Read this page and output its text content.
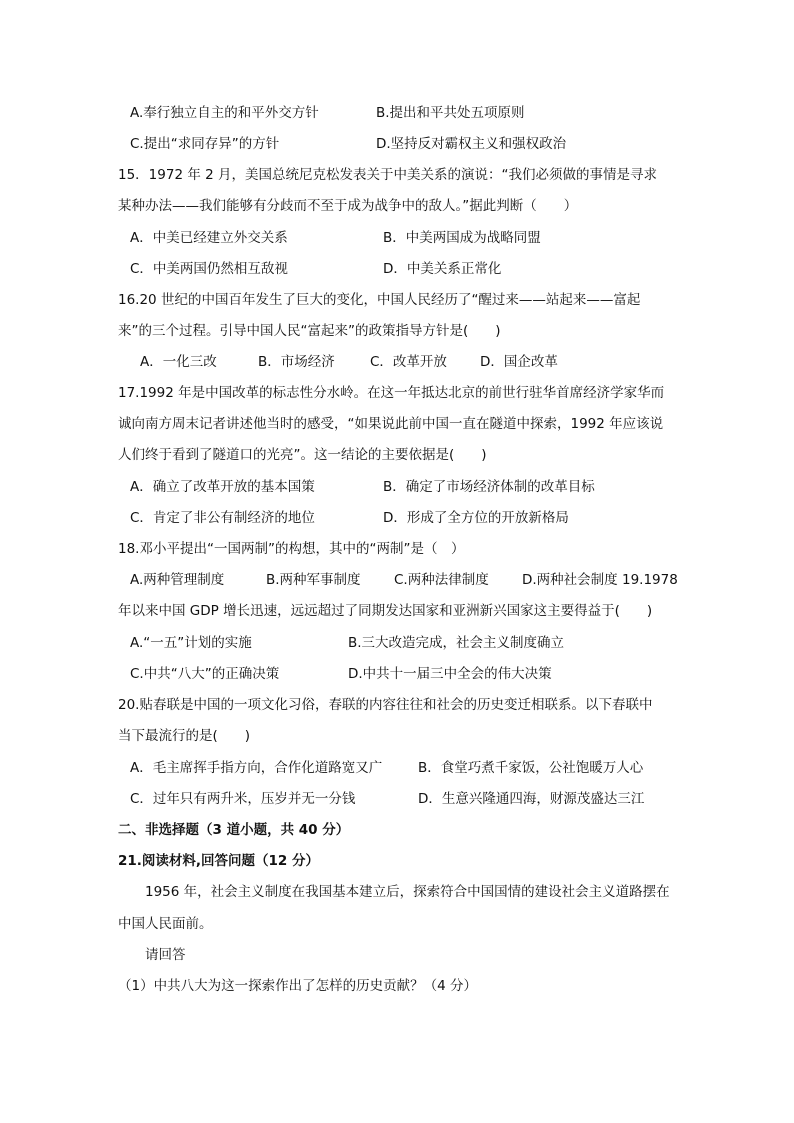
A.奉行独立自主的和平外交方针	B.提出和平共处五项原则
C.提出“求同存异”的方针	D.坚持反对霸权主义和强权政治
15．1972 年 2 月，美国总统尼克松发表关于中美关系的演说：“我们必须做的事情是寻求
某种办法——我们能够有分歧而不至于成为战争中的敌人。”据此判断（　　）
A．中美已经建立外交关系	B．中美两国成为战略同盟
C．中美两国仍然相互敌视	D．中美关系正常化
16.20 世纪的中国百年发生了巨大的变化，中国人民经历了“醒过来——站起来——富起
来”的三个过程。引导中国人民“富起来”的政策指导方针是(　　)
A．一化三改	B．市场经济	C．改革开放 D．国企改革
17.1992 年是中国改革的标志性分水岭。在这一年抵达北京的前世行驻华首席经济学家华而
诚向南方周末记者讲述他当时的感受，“如果说此前中国一直在隧道中探索，1992 年应该说
人们终于看到了隧道口的光亮”。这一结论的主要依据是(　　)
A．确立了改革开放的基本国策	B．确定了市场经济体制的改革目标
C．肯定了非公有制经济的地位	D．形成了全方位的开放新格局
18.邓小平提出“一国两制”的构想，其中的“两制”是（　）
A.两种管理制度	B.两种军事制度 C.两种法律制度 D.两种社会制度 19.1978
年以来中国 GDP 增长迅速，远远超过了同期发达国家和亚洲新兴国家这主要得益于(　　)
A.“一五”计划的实施	B.三大改造完成，社会主义制度确立
C.中共“八大”的正确决策	D.中共十一届三中全会的伟大决策
20.贴春联是中国的一项文化习俗，春联的内容往往和社会的历史变迁相联系。以下春联中
当下最流行的是(　　)
A．毛主席挥手指方向，合作化道路宽又广	B．食堂巧煮千家饭，公社饱暖万人心
C．过年只有两升米，压岁并无一分钱	D．生意兴隆通四海，财源茂盛达三江
二、非选择题（3 道小题，共 40 分）
21.阅读材料,回答问题（12 分）
　　1956 年，社会主义制度在我国基本建立后，探索符合中国国情的建设社会主义道路摆在
中国人民面前。
　　请回答
（1）中共八大为这一探索作出了怎样的历史贡献？（4 分）
